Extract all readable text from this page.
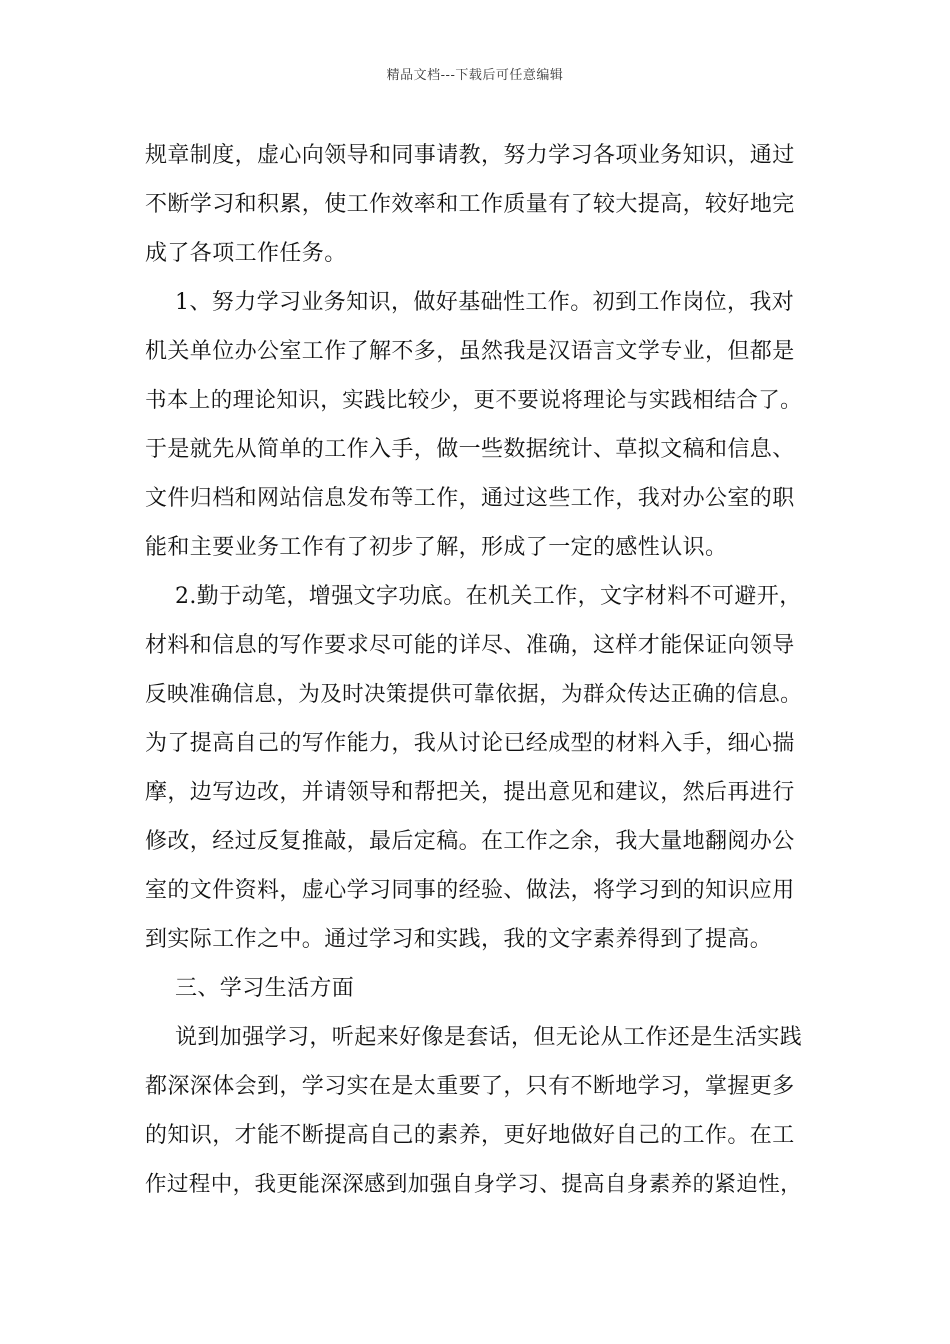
精品文档---下载后可任意编辑
规章制度，虚心向领导和同事请教，努力学习各项业务知识，通过
不断学习和积累，使工作效率和工作质量有了较大提高，较好地完
成了各项工作任务。
1、努力学习业务知识，做好基础性工作。初到工作岗位，我对
机关单位办公室工作了解不多，虽然我是汉语言文学专业，但都是
书本上的理论知识，实践比较少，更不要说将理论与实践相结合了。
于是就先从简单的工作入手，做一些数据统计、草拟文稿和信息、
文件归档和网站信息发布等工作，通过这些工作，我对办公室的职
能和主要业务工作有了初步了解，形成了一定的感性认识。
2.勤于动笔，增强文字功底。在机关工作，文字材料不可避开，
材料和信息的写作要求尽可能的详尽、准确，这样才能保证向领导
反映准确信息，为及时决策提供可靠依据，为群众传达正确的信息。
为了提高自己的写作能力，我从讨论已经成型的材料入手，细心揣
摩，边写边改，并请领导和帮把关，提出意见和建议，然后再进行
修改，经过反复推敲，最后定稿。在工作之余，我大量地翻阅办公
室的文件资料，虚心学习同事的经验、做法，将学习到的知识应用
到实际工作之中。通过学习和实践，我的文字素养得到了提高。
三、学习生活方面
说到加强学习，听起来好像是套话，但无论从工作还是生活实践
都深深体会到，学习实在是太重要了，只有不断地学习，掌握更多
的知识，才能不断提高自己的素养，更好地做好自己的工作。在工
作过程中，我更能深深感到加强自身学习、提高自身素养的紧迫性，
